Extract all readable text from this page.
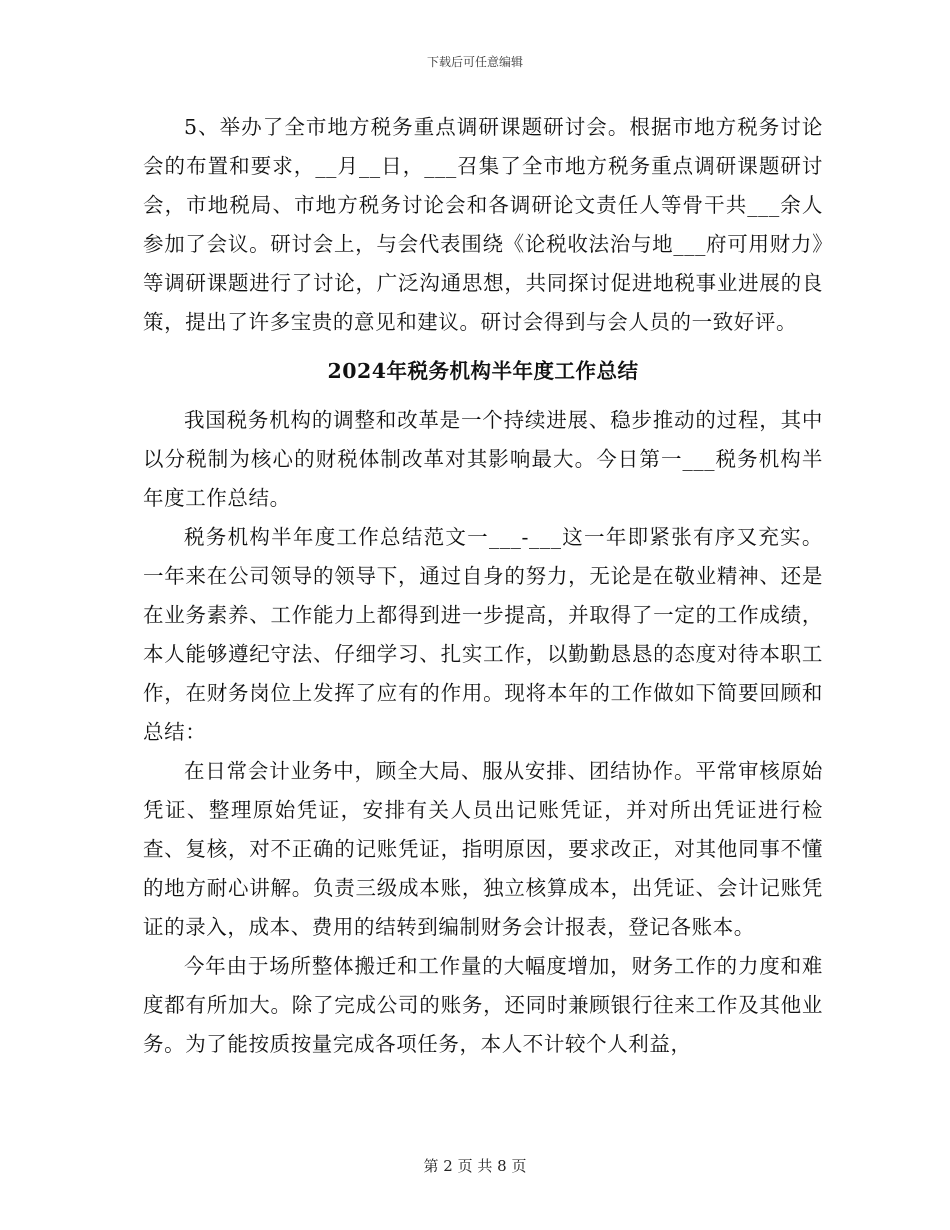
下载后可任意编辑

5、举办了全市地方税务重点调研课题研讨会。根据市地方税务讨论会的布置和要求，__月__日，___召集了全市地方税务重点调研课题研讨会，市地税局、市地方税务讨论会和各调研论文责任人等骨干共___余人参加了会议。研讨会上，与会代表围绕《论税收法治与地___府可用财力》等调研课题进行了讨论，广泛沟通思想，共同探讨促进地税事业进展的良策，提出了许多宝贵的意见和建议。研讨会得到与会人员的一致好评。

2024年税务机构半年度工作总结

我国税务机构的调整和改革是一个持续进展、稳步推动的过程，其中以分税制为核心的财税体制改革对其影响最大。今日第一___税务机构半年度工作总结。

税务机构半年度工作总结范文一___-___这一年即紧张有序又充实。一年来在公司领导的领导下，通过自身的努力，无论是在敬业精神、还是在业务素养、工作能力上都得到进一步提高，并取得了一定的工作成绩，本人能够遵纪守法、仔细学习、扎实工作，以勤勤恳恳的态度对待本职工作，在财务岗位上发挥了应有的作用。现将本年的工作做如下简要回顾和总结：

在日常会计业务中，顾全大局、服从安排、团结协作。平常审核原始凭证、整理原始凭证，安排有关人员出记账凭证，并对所出凭证进行检查、复核，对不正确的记账凭证，指明原因，要求改正，对其他同事不懂的地方耐心讲解。负责三级成本账，独立核算成本，出凭证、会计记账凭证的录入，成本、费用的结转到编制财务会计报表，登记各账本。

今年由于场所整体搬迁和工作量的大幅度增加，财务工作的力度和难度都有所加大。除了完成公司的账务，还同时兼顾银行往来工作及其他业务。为了能按质按量完成各项任务，本人不计较个人利益，

第 2 页 共 8 页
